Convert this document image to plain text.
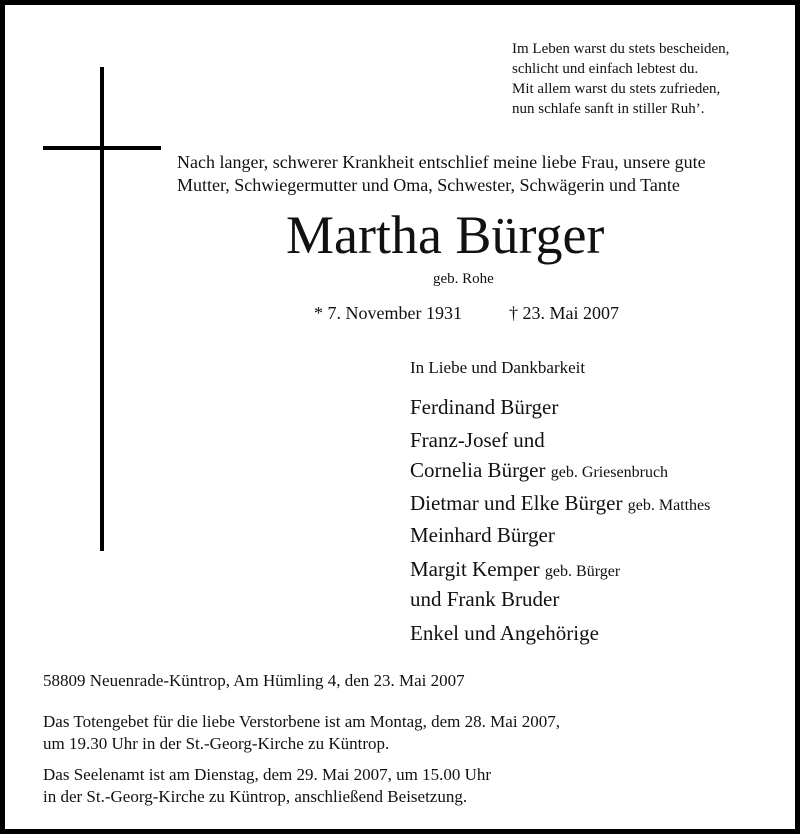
Im Leben warst du stets bescheiden,
schlicht und einfach lebtest du.
Mit allem warst du stets zufrieden,
nun schlafe sanft in stiller Ruh’.
Nach langer, schwerer Krankheit entschlief meine liebe Frau, unsere gute
Mutter, Schwiegermutter und Oma, Schwester, Schwägerin und Tante
Martha Bürger
geb. Rohe
* 7. November 1931	† 23. Mai 2007
In Liebe und Dankbarkeit
Ferdinand Bürger
Franz-Josef und
Cornelia Bürger geb. Griesenbruch
Dietmar und Elke Bürger geb. Matthes
Meinhard Bürger
Margit Kemper geb. Bürger
und Frank Bruder
Enkel und Angehörige
58809 Neuenrade-Küntrop, Am Hümling 4, den 23. Mai 2007
Das Totengebet für die liebe Verstorbene ist am Montag, dem 28. Mai 2007,
um 19.30 Uhr in der St.-Georg-Kirche zu Küntrop.
Das Seelenamt ist am Dienstag, dem 29. Mai 2007, um 15.00 Uhr
in der St.-Georg-Kirche zu Küntrop, anschließend Beisetzung.
